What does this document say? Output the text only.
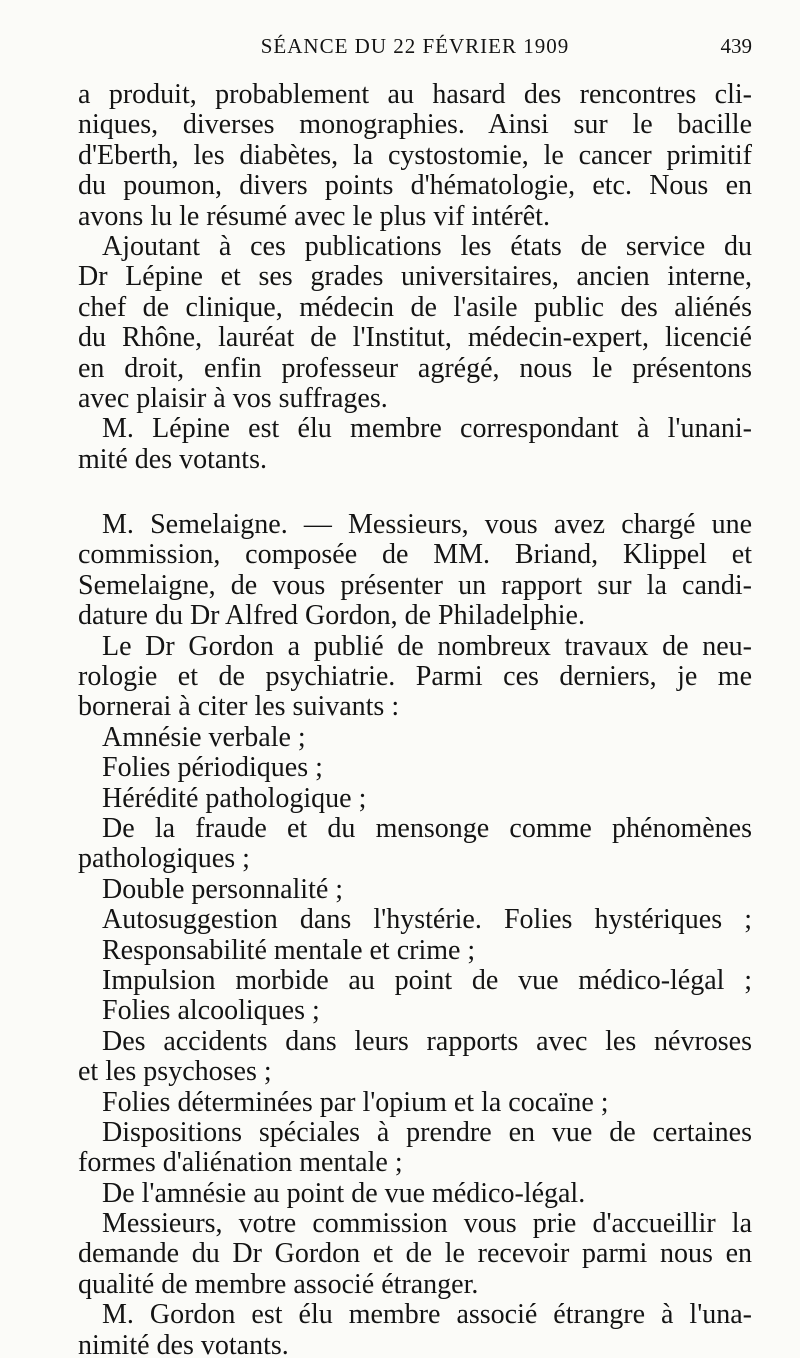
SÉANCE DU 22 FÉVRIER 1909	439
a produit, probablement au hasard des rencontres cli-
niques, diverses monographies. Ainsi sur le bacille
d'Eberth, les diabètes, la cystostomie, le cancer primitif
du poumon, divers points d'hématologie, etc. Nous en
avons lu le résumé avec le plus vif intérêt.
Ajoutant à ces publications les états de service du
Dr Lépine et ses grades universitaires, ancien interne,
chef de clinique, médecin de l'asile public des aliénés
du Rhône, lauréat de l'Institut, médecin-expert, licencié
en droit, enfin professeur agrégé, nous le présentons
avec plaisir à vos suffrages.
M. Lépine est élu membre correspondant à l'unani-
mité des votants.
M. Semelaigne. — Messieurs, vous avez chargé une
commission, composée de MM. Briand, Klippel et
Semelaigne, de vous présenter un rapport sur la candi-
dature du Dr Alfred Gordon, de Philadelphie.
Le Dr Gordon a publié de nombreux travaux de neu-
rologie et de psychiatrie. Parmi ces derniers, je me
bornerai à citer les suivants :
Amnésie verbale ;
Folies périodiques ;
Hérédité pathologique ;
De la fraude et du mensonge comme phénomènes
pathologiques ;
Double personnalité ;
Autosuggestion dans l'hystérie. Folies hystériques ;
Responsabilité mentale et crime ;
Impulsion morbide au point de vue médico-légal ;
Folies alcooliques ;
Des accidents dans leurs rapports avec les névroses
et les psychoses ;
Folies déterminées par l'opium et la cocaïne ;
Dispositions spéciales à prendre en vue de certaines
formes d'aliénation mentale ;
De l'amnésie au point de vue médico-légal.
Messieurs, votre commission vous prie d'accueillir la
demande du Dr Gordon et de le recevoir parmi nous en
qualité de membre associé étranger.
M. Gordon est élu membre associé étrangre à l'una-
nimité des votants.
